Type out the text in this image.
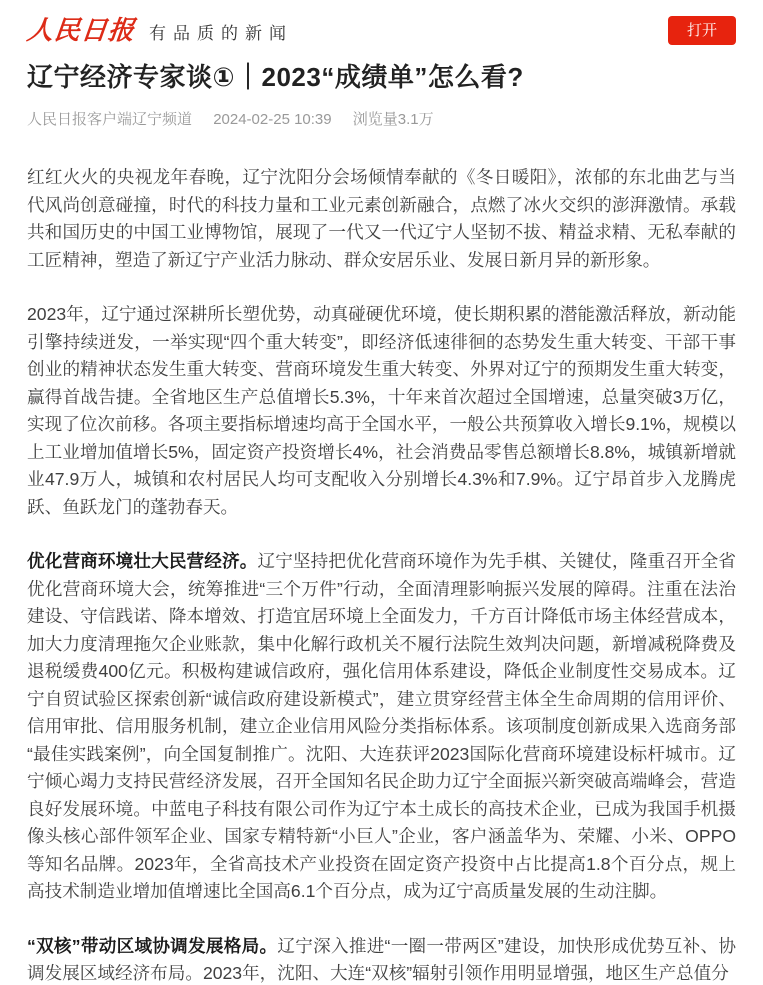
人民日报 有品质的新闻	打开
辽宁经济专家谈①｜2023“成绩单”怎么看?
人民日报客户端辽宁频道 2024-02-25 10:39 浏览量3.1万

红红火火的央视龙年春晚，辽宁沈阳分会场倾情奉献的《冬日暖阳》，浓郁的东北曲艺与当代风尚创意碰撞，时代的科技力量和工业元素创新融合，点燃了冰火交织的澎湃激情。承载共和国历史的中国工业博物馆，展现了一代又一代辽宁人坚韧不拔、精益求精、无私奉献的工匠精神，塑造了新辽宁产业活力脉动、群众安居乐业、发展日新月异的新形象。

2023年，辽宁通过深耕所长塑优势，动真碰硬优环境，使长期积累的潜能激活释放，新动能引擎持续迸发，一举实现“四个重大转变”，即经济低速徘徊的态势发生重大转变、干部干事创业的精神状态发生重大转变、营商环境发生重大转变、外界对辽宁的预期发生重大转变，赢得首战告捷。全省地区生产总值增长5.3%，十年来首次超过全国增速，总量突破3万亿，实现了位次前移。各项主要指标增速均高于全国水平，一般公共预算收入增长9.1%，规模以上工业增加值增长5%，固定资产投资增长4%，社会消费品零售总额增长8.8%，城镇新增就业47.9万人，城镇和农村居民人均可支配收入分别增长4.3%和7.9%。辽宁昂首步入龙腾虎跃、鱼跃龙门的蓬勃春天。

优化营商环境壮大民营经济。辽宁坚持把优化营商环境作为先手棋、关键仗，隆重召开全省优化营商环境大会，统筹推进“三个万件”行动，全面清理影响振兴发展的障碍。注重在法治建设、守信践诺、降本增效、打造宜居环境上全面发力，千方百计降低市场主体经营成本，加大力度清理拖欠企业账款，集中化解行政机关不履行法院生效判决问题，新增减税降费及退税缓费400亿元。积极构建诚信政府，强化信用体系建设，降低企业制度性交易成本。辽宁自贸试验区探索创新“诚信政府建设新模式”，建立贯穿经营主体全生命周期的信用评价、信用审批、信用服务机制，建立企业信用风险分类指标体系。该项制度创新成果入选商务部“最佳实践案例”，向全国复制推广。沈阳、大连获评2023国际化营商环境建设标杆城市。辽宁倾心竭力支持民营经济发展，召开全国知名民企助力辽宁全面振兴新突破高端峰会，营造良好发展环境。中蓝电子科技有限公司作为辽宁本土成长的高技术企业，已成为我国手机摄像头核心部件领军企业、国家专精特新“小巨人”企业，客户涵盖华为、荣耀、小米、OPPO等知名品牌。2023年，全省高技术产业投资在固定资产投资中占比提高1.8个百分点，规上高技术制造业增加值增速比全国高6.1个百分点，成为辽宁高质量发展的生动注脚。

“双核”带动区域协调发展格局。辽宁深入推进“一圈一带两区”建设，加快形成优势互补、协调发展区域经济布局。2023年，沈阳、大连“双核”辐射引领作用明显增强，地区生产总值分
